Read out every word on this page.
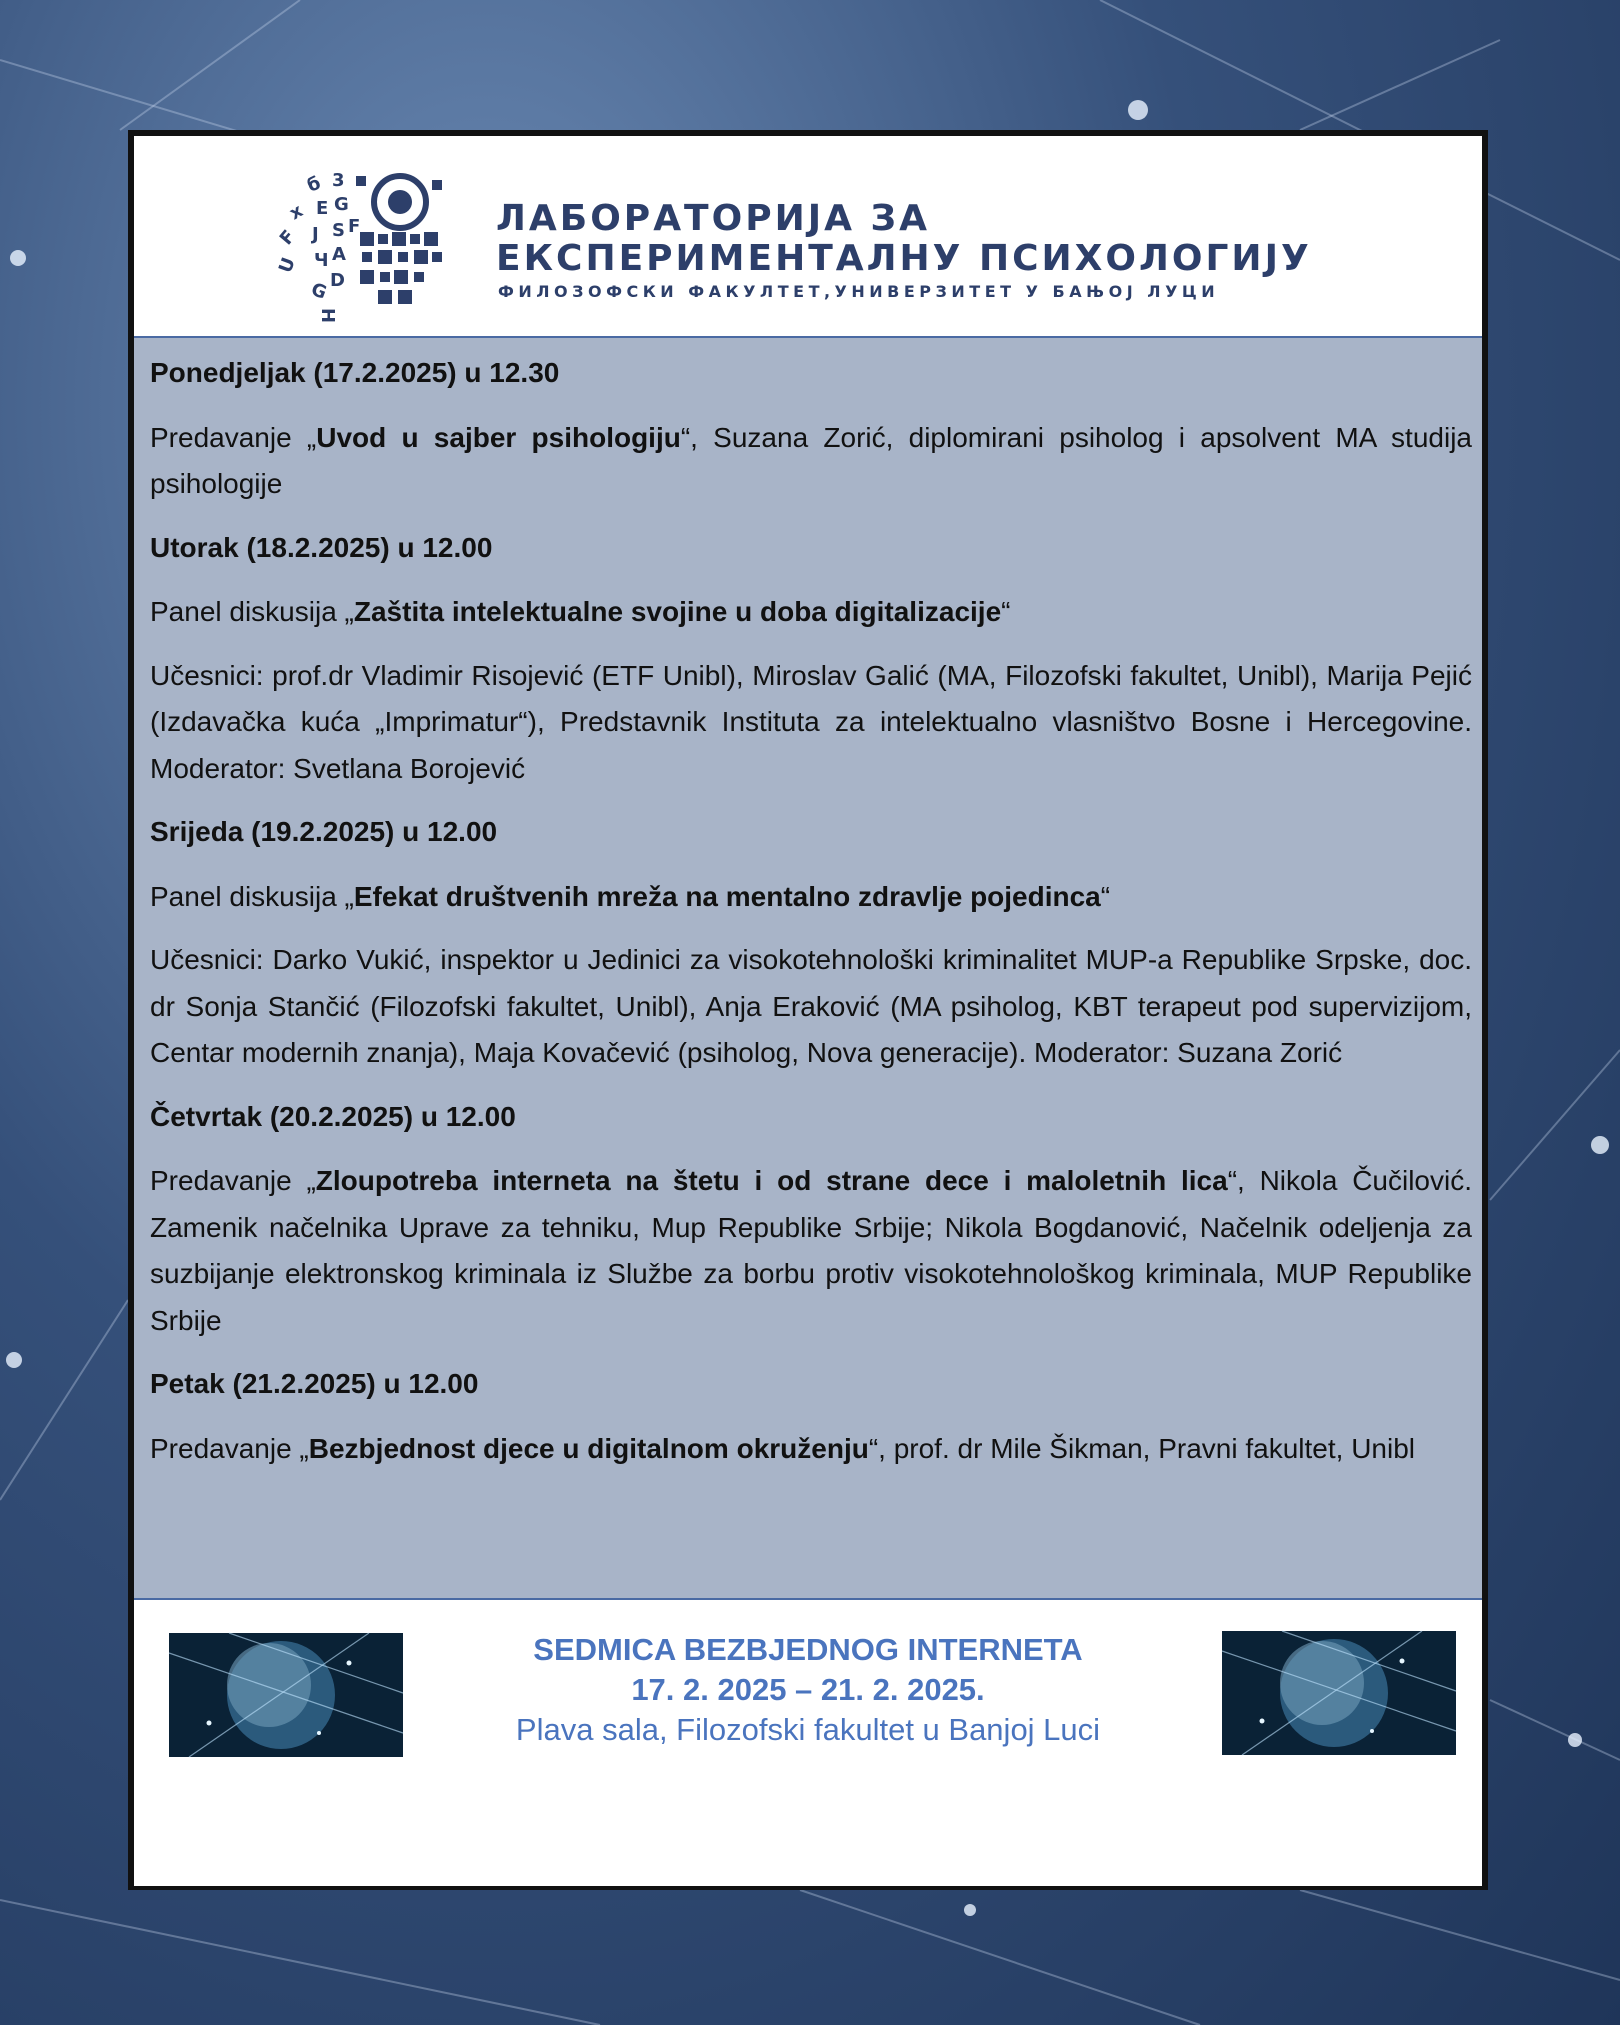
б 3
x E G
F J S F
U Ч A
G D
H
ЛАБОРАТОРИЈА ЗА
ЕКСПЕРИМЕНТАЛНУ ПСИХОЛОГИЈУ
ФИЛОЗОФСКИ ФАКУЛТЕТ,УНИВЕРЗИТЕТ У БАЊОЈ ЛУЦИ

Ponedjeljak (17.2.2025) u 12.30

Predavanje „Uvod u sajber psihologiju“, Suzana Zorić, diplomirani psiholog i apsolvent MA studija psihologije

Utorak (18.2.2025) u 12.00

Panel diskusija „Zaštita intelektualne svojine u doba digitalizacije“

Učesnici: prof.dr Vladimir Risojević (ETF Unibl), Miroslav Galić (MA, Filozofski fakultet, Unibl), Marija Pejić (Izdavačka kuća „Imprimatur“), Predstavnik Instituta za intelektualno vlasništvo Bosne i Hercegovine. Moderator: Svetlana Borojević

Srijeda (19.2.2025) u 12.00

Panel diskusija „Efekat društvenih mreža na mentalno zdravlje pojedinca“

Učesnici: Darko Vukić, inspektor u Jedinici za visokotehnološki kriminalitet MUP-a Republike Srpske, doc. dr Sonja Stančić (Filozofski fakultet, Unibl), Anja Eraković (MA psiholog, KBT terapeut pod supervizijom, Centar modernih znanja), Maja Kovačević (psiholog, Nova generacije). Moderator: Suzana Zorić

Četvrtak (20.2.2025) u 12.00

Predavanje „Zloupotreba interneta na štetu i od strane dece i maloletnih lica“, Nikola Čučilović. Zamenik načelnika Uprave za tehniku, Mup Republike Srbije; Nikola Bogdanović, Načelnik odeljenja za suzbijanje elektronskog kriminala iz Službe za borbu protiv visokotehnološkog kriminala, MUP Republike Srbije

Petak (21.2.2025) u 12.00

Predavanje „Bezbjednost djece u digitalnom okruženju“, prof. dr Mile Šikman, Pravni fakultet, Unibl

SEDMICA BEZBJEDNOG INTERNETA
17. 2. 2025 – 21. 2. 2025.
Plava sala, Filozofski fakultet u Banjoj Luci
